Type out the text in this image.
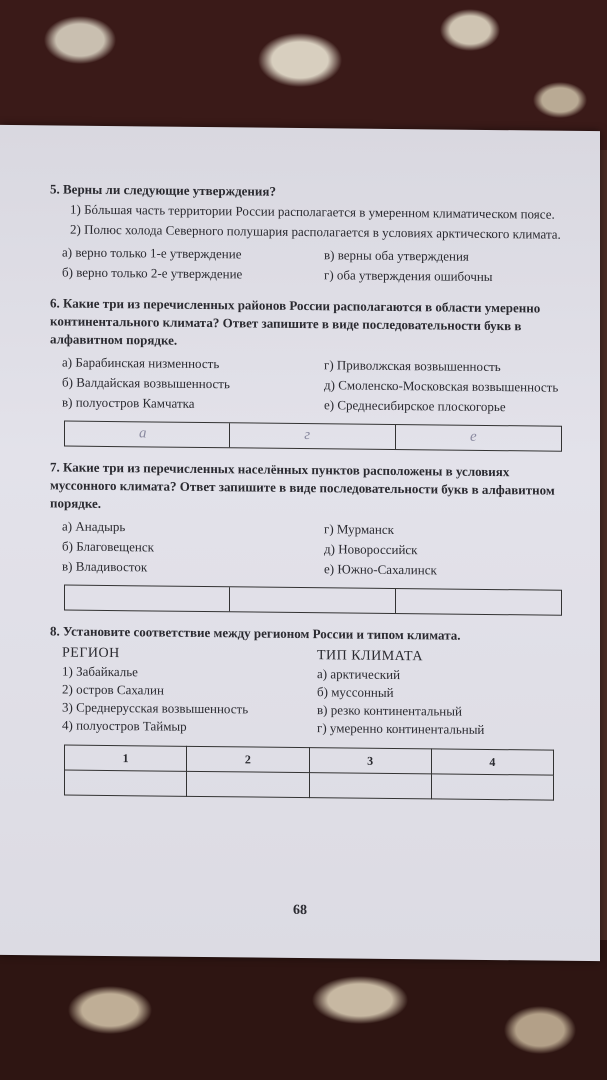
5. Верны ли следующие утверждения?
1) Бóльшая часть территории России располагается в умеренном климатическом поясе.
2) Полюс холода Северного полушария располагается в условиях арктического климата.
а) верно только 1-е утверждение	в) верны оба утверждения
б) верно только 2-е утверждение	г) оба утверждения ошибочны
6. Какие три из перечисленных районов России располагаются в области умеренно континентального климата? Ответ запишите в виде последовательности букв в алфавитном порядке.
а) Барабинская низменность	г) Приволжская возвышенность
б) Валдайская возвышенность	д) Смоленско-Московская возвышенность
в) полуостров Камчатка	е) Среднесибирское плоскогорье
а	г	е
7. Какие три из перечисленных населённых пунктов расположены в условиях муссонного климата? Ответ запишите в виде последовательности букв в алфавитном порядке.
а) Анадырь	г) Мурманск
б) Благовещенск	д) Новороссийск
в) Владивосток	е) Южно-Сахалинск
8. Установите соответствие между регионом России и типом климата.
РЕГИОН	ТИП КЛИМАТА
1) Забайкалье	а) арктический
2) остров Сахалин	б) муссонный
3) Среднерусская возвышенность	в) резко континентальный
4) полуостров Таймыр	г) умеренно континентальный
1	2	3	4

68
